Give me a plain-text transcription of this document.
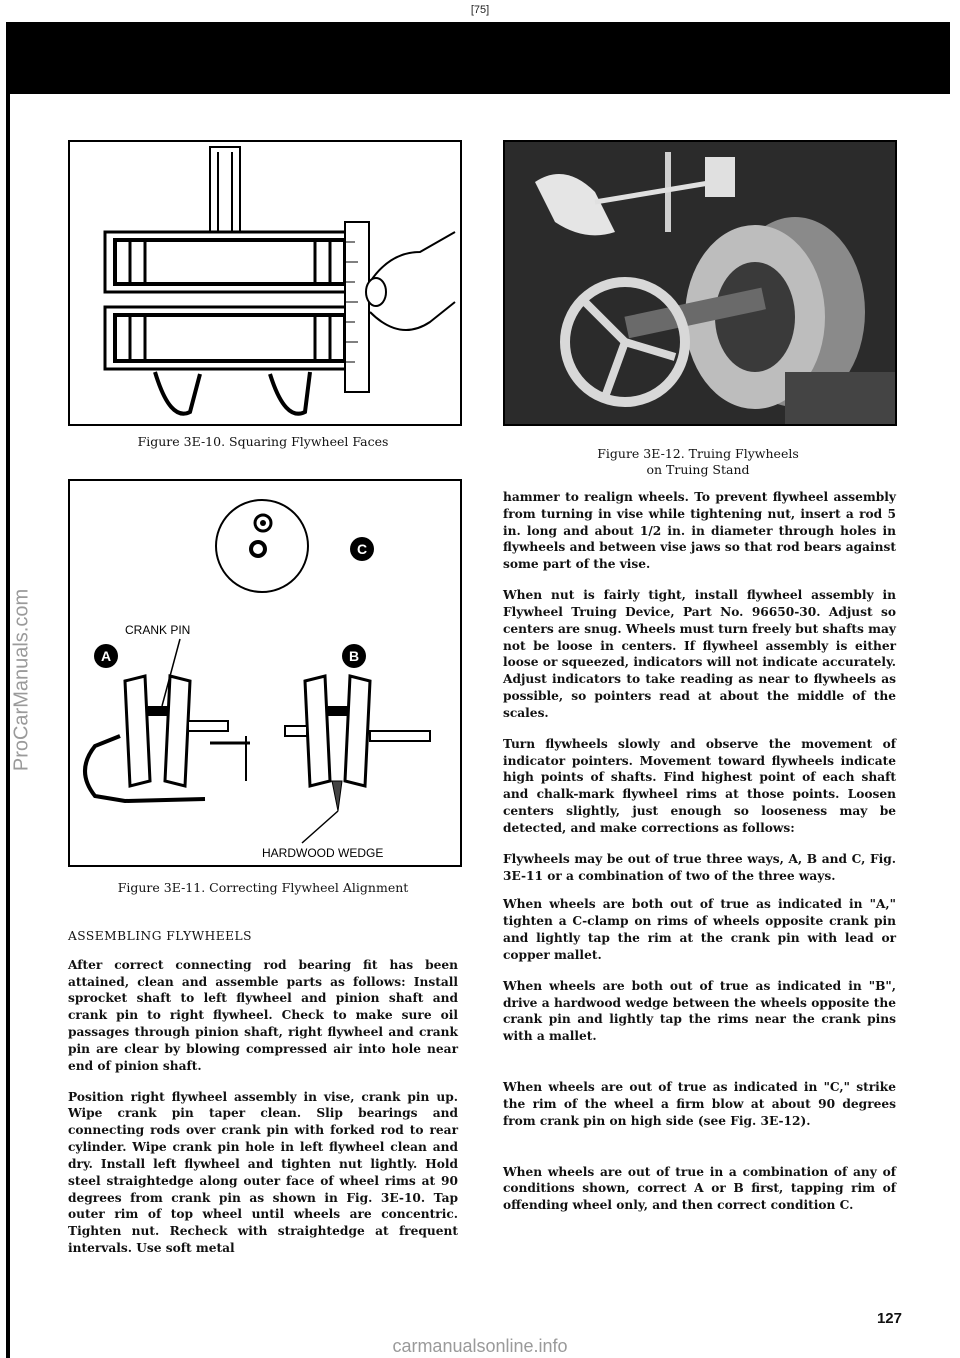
[75]
ProCarManuals.com
Figure 3E-10. Squaring Flywheel Faces
C
CRANK PIN
A	B
HARDWOOD WEDGE
Figure 3E-11. Correcting Flywheel Alignment
Figure 3E-12. Truing Flywheels on Truing Stand

ASSEMBLING FLYWHEELS

After correct connecting rod bearing fit has been attained, clean and assemble parts as follows: Install sprocket shaft to left flywheel and pinion shaft and crank pin to right flywheel. Check to make sure oil passages through pinion shaft, right flywheel and crank pin are clear by blowing compressed air into hole near end of pinion shaft.

Position right flywheel assembly in vise, crank pin up. Wipe crank pin taper clean. Slip bearings and connecting rods over crank pin with forked rod to rear cylinder. Wipe crank pin hole in left flywheel clean and dry. Install left flywheel and tighten nut lightly. Hold steel straightedge along outer face of wheel rims at 90 degrees from crank pin as shown in Fig. 3E-10. Tap outer rim of top wheel until wheels are concentric. Tighten nut. Recheck with straightedge at frequent intervals. Use soft metal

hammer to realign wheels. To prevent flywheel assembly from turning in vise while tightening nut, insert a rod 5 in. long and about 1/2 in. in diameter through holes in flywheels and between vise jaws so that rod bears against some part of the vise.

When nut is fairly tight, install flywheel assembly in Flywheel Truing Device, Part No. 96650-30. Adjust so centers are snug. Wheels must turn freely but shafts may not be loose in centers. If flywheel assembly is either loose or squeezed, indicators will not indicate accurately. Adjust indicators to take reading as near to flywheels as possible, so pointers read at about the middle of the scales.

Turn flywheels slowly and observe the movement of indicator pointers. Movement toward flywheels indicate high points of shafts. Find highest point of each shaft and chalk-mark flywheel rims at those points. Loosen centers slightly, just enough so looseness may be detected, and make corrections as follows:

Flywheels may be out of true three ways, A, B and C, Fig. 3E-11 or a combination of two of the three ways.

When wheels are both out of true as indicated in "A," tighten a C-clamp on rims of wheels opposite crank pin and lightly tap the rim at the crank pin with lead or copper mallet.

When wheels are both out of true as indicated in "B", drive a hardwood wedge between the wheels opposite the crank pin and lightly tap the rims near the crank pins with a mallet.

When wheels are out of true as indicated in "C," strike the rim of the wheel a firm blow at about 90 degrees from crank pin on high side (see Fig. 3E-12).

When wheels are out of true in a combination of any of conditions shown, correct A or B first, tapping rim of offending wheel only, and then correct condition C.

127
carmanualsonline.info
